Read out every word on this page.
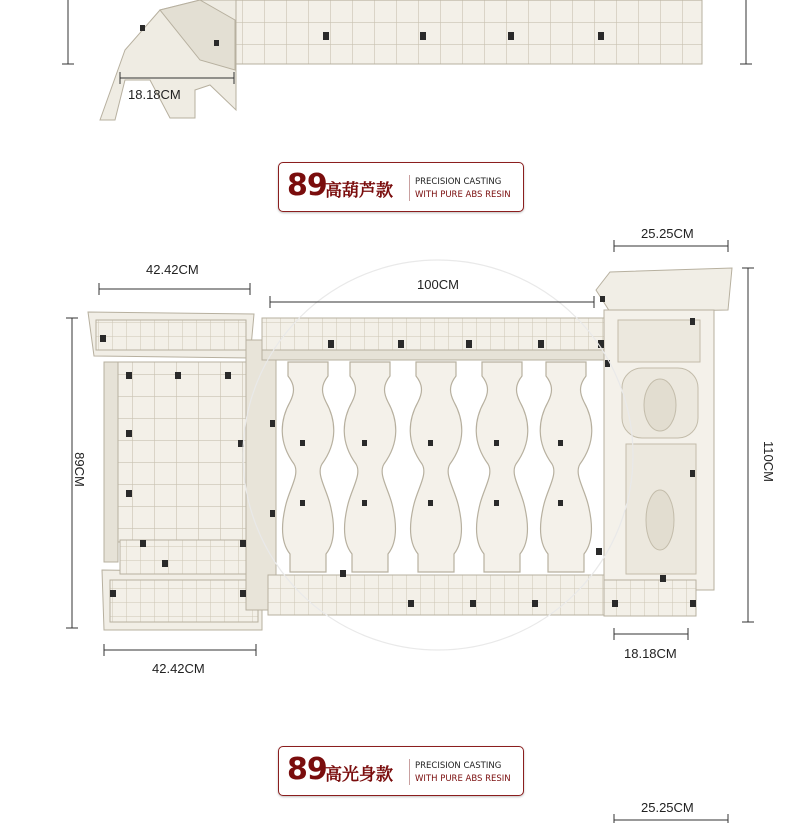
18.18CM
89
高葫芦款	PRECISION CASTING
WITH PURE ABS RESIN
42.42CM
100CM
25.25CM
89CM	110CM
42.42CM
18.18CM
89
高光身款	PRECISION CASTING
WITH PURE ABS RESIN
25.25CM
